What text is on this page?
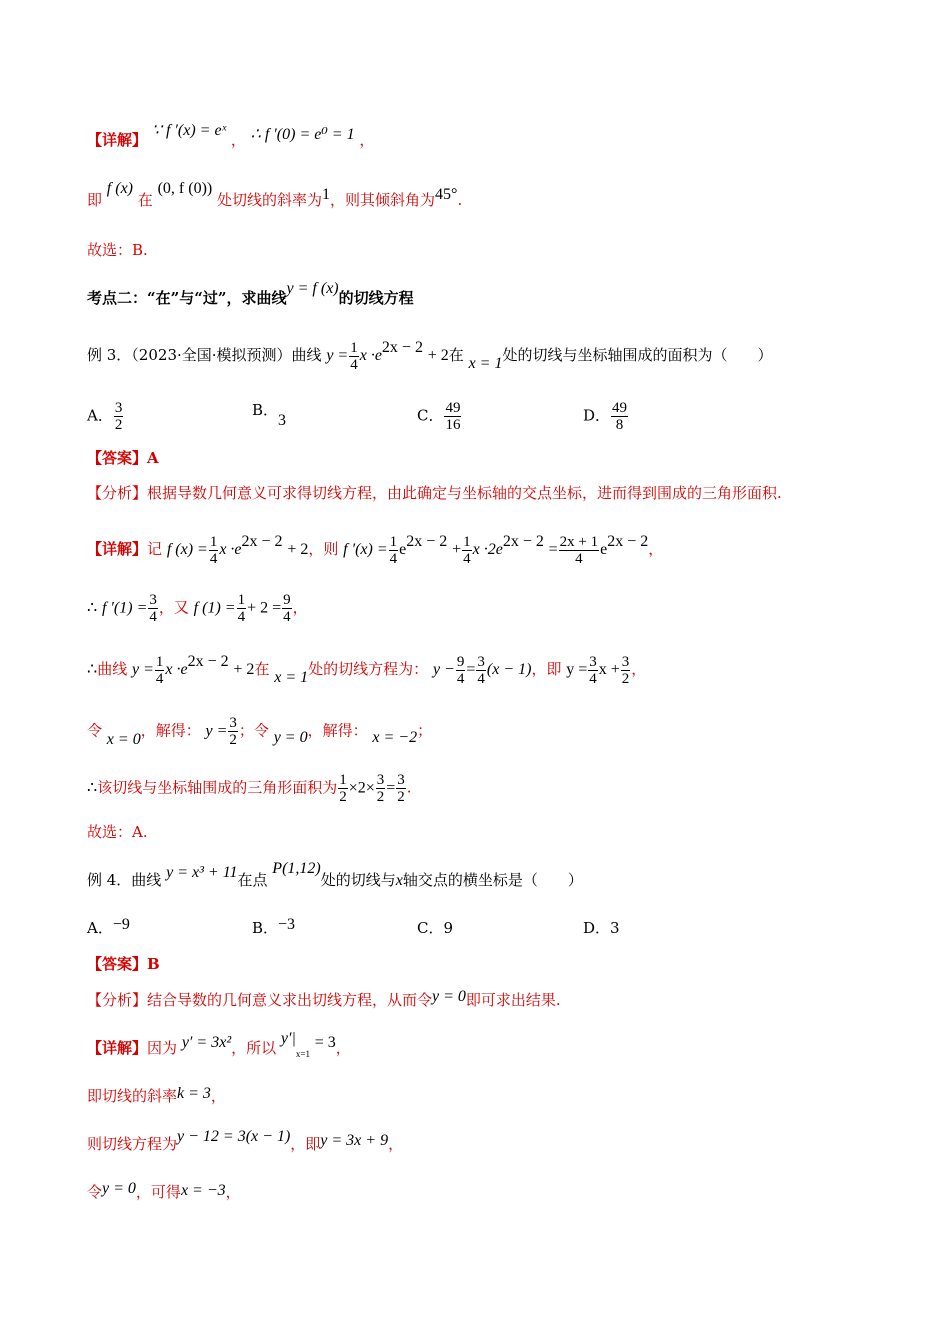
【详解】 ∵ f ′(x) = eˣ ， ∴ f ′(0) = e⁰ = 1 ，
即 f (x) 在 (0, f (0)) 处切线的斜率为1，则其倾斜角为45°.
故选：B.
考点二：“在”与“过”，求曲线y = f (x)的切线方程
例 3．（2023·全国·模拟预测）曲线 $y = \frac{1}{4}$ $x \cdot e^{2x - 2} + 2$在 x = 1处的切线与坐标轴围成的面积为（　　）
A． $\frac{3}{2}$	B．3	C． $\frac{49}{16}$	D． $\frac{49}{8}$
【答案】A
【分析】根据导数几何意义可求得切线方程，由此确定与坐标轴的交点坐标，进而得到围成的三角形面积.
【详解】记 f $(x) = \frac{1}{4}$ $x \cdot e^{2x - 2} + 2$，则 f $'(x) = \frac{1}{4} e^{2x - 2} + \frac{1}{4}$ $x \cdot 2e^{2x - 2} = \frac{2x + 1}{4} e^{2x - 2}$，
∴ f $'(1) = \frac{3}{4}$ ，又 f $(1) = \frac{1}{4} + 2 = \frac{9}{4}$ ，
∴曲线 $y = \frac{1}{4}$ $x \cdot e^{2x - 2} + 2$在 x = 1处的切线方程为： $y - \frac{9}{4} = \frac{3}{4} (x - 1)$，即 $y = \frac{3}{4}$ $x + \frac{3}{2}$ ，
令 x = 0，解得： $y = \frac{3}{2}$ ；令 y = 0，解得： x = −2；
∴该切线与坐标轴围成的三角形面积为 $\frac{1}{2} \times 2\times \frac{3}{2} = \frac{3}{2}$ .
故选：A.
例 4．曲线 y = x³ + 11在点 P(1,12)处的切线与x轴交点的横坐标是（　　）
A．−9	B．−3	C．9	D．3
【答案】B
【分析】结合导数的几何意义求出切线方程，从而令y = 0即可求出结果.
【详解】因为 y′ = 3x²，所以 $y'|_{x=1} = 3$，
即切线的斜率k = 3，
则切线方程为y − 12 = 3(x − 1)，即y = 3x + 9，
令y = 0，可得x = −3，
